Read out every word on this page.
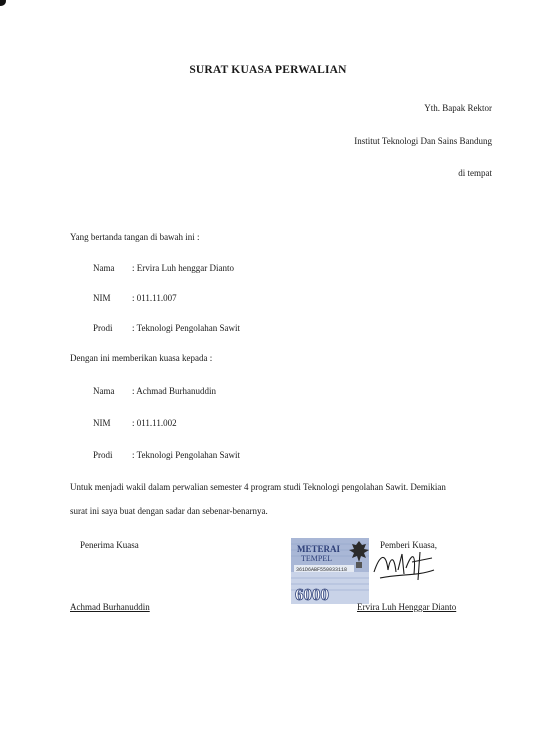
SURAT KUASA PERWALIAN
Yth. Bapak Rektor
Institut Teknologi Dan Sains Bandung
di tempat
Yang bertanda tangan di bawah ini :
Nama : Ervira Luh henggar Dianto
NIM : 011.11.007
Prodi : Teknologi Pengolahan Sawit
Dengan ini memberikan kuasa kepada :
Nama : Achmad Burhanuddin
NIM : 011.11.002
Prodi : Teknologi Pengolahan Sawit
Untuk menjadi wakil dalam perwalian semester 4 program studi Teknologi pengolahan Sawit. Demikian
surat ini saya buat dengan sadar dan sebenar-benarnya.
Penerima Kuasa	Pemberi Kuasa,
METERAI
TEMPEL
361D6ABF550033118
6000
Achmad Burhanuddin	Ervira Luh Henggar Dianto
